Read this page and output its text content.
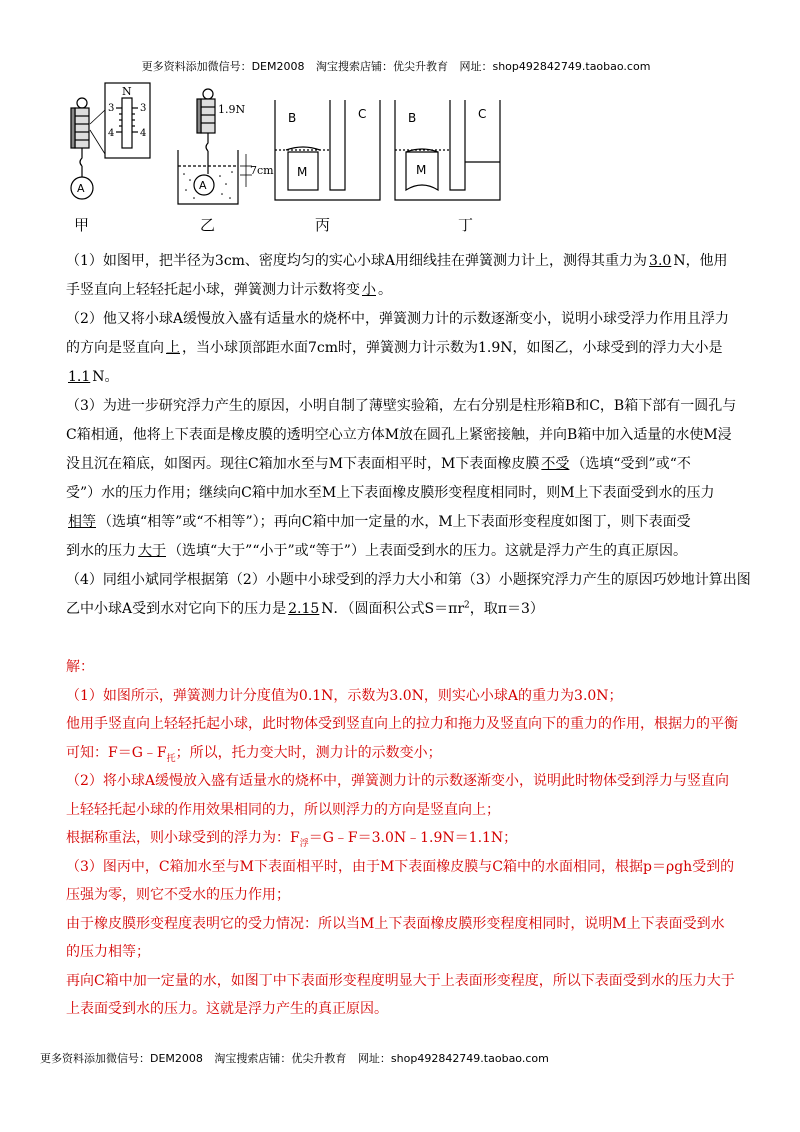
更多资料添加微信号：DEM2008 淘宝搜索店铺：优尖升教育 网址：shop492842749.taobao.com
N
3	3
4	4
A
甲
1.9N
7cm
A
乙
B	C
M
丙
B	C
M
丁
（1）如图甲，把半径为3cm、密度均匀的实心小球A用细线挂在弹簧测力计上，测得其重力为 3.0 N，他用
手竖直向上轻轻托起小球，弹簧测力计示数将变 小 。
（2）他又将小球A缓慢放入盛有适量水的烧杯中，弹簧测力计的示数逐渐变小，说明小球受浮力作用且浮力
的方向是竖直向 上 ，当小球顶部距水面7cm时，弹簧测力计示数为1.9N，如图乙，小球受到的浮力大小是
1.1 N。
（3）为进一步研究浮力产生的原因，小明自制了薄壁实验箱，左右分别是柱形箱B和C，B箱下部有一圆孔与
C箱相通，他将上下表面是橡皮膜的透明空心立方体M放在圆孔上紧密接触，并向B箱中加入适量的水使M浸
没且沉在箱底，如图丙。现往C箱加水至与M下表面相平时，M下表面橡皮膜 不受 （选填“受到”或“不
受”）水的压力作用；继续向C箱中加水至M上下表面橡皮膜形变程度相同时，则M上下表面受到水的压力
相等 （选填“相等”或“不相等”）；再向C箱中加一定量的水，M上下表面形变程度如图丁，则下表面受
到水的压力 大于 （选填“大于”“小于”或“等于”）上表面受到水的压力。这就是浮力产生的真正原因。
（4）同组小斌同学根据第（2）小题中小球受到的浮力大小和第（3）小题探究浮力产生的原因巧妙地计算出图
乙中小球A受到水对它向下的压力是 2.15 N．（圆面积公式$S=\pi r^2$，取π＝3）
解：
（1）如图所示，弹簧测力计分度值为0.1N，示数为3.0N，则实心小球A的重力为3.0N；
他用手竖直向上轻轻托起小球，此时物体受到竖直向上的拉力和拖力及竖直向下的重力的作用，根据力的平衡
可知：$F=G﹣F_托$；所以，托力变大时，测力计的示数变小；
（2）将小球A缓慢放入盛有适量水的烧杯中，弹簧测力计的示数逐渐变小，说明此时物体受到浮力与竖直向
上轻轻托起小球的作用效果相同的力，所以则浮力的方向是竖直向上；
根据称重法，则小球受到的浮力为：$F_浮=G﹣F=3.0N﹣1.9N=1.1N$；
（3）图丙中，C箱加水至与M下表面相平时，由于M下表面橡皮膜与C箱中的水面相同，根据p＝ρgh受到的
压强为零，则它不受水的压力作用；
由于橡皮膜形变程度表明它的受力情况：所以当M上下表面橡皮膜形变程度相同时，说明M上下表面受到水
的压力相等；
再向C箱中加一定量的水，如图丁中下表面形变程度明显大于上表面形变程度，所以下表面受到水的压力大于
上表面受到水的压力。这就是浮力产生的真正原因。
更多资料添加微信号：DEM2008 淘宝搜索店铺：优尖升教育 网址：shop492842749.taobao.com
